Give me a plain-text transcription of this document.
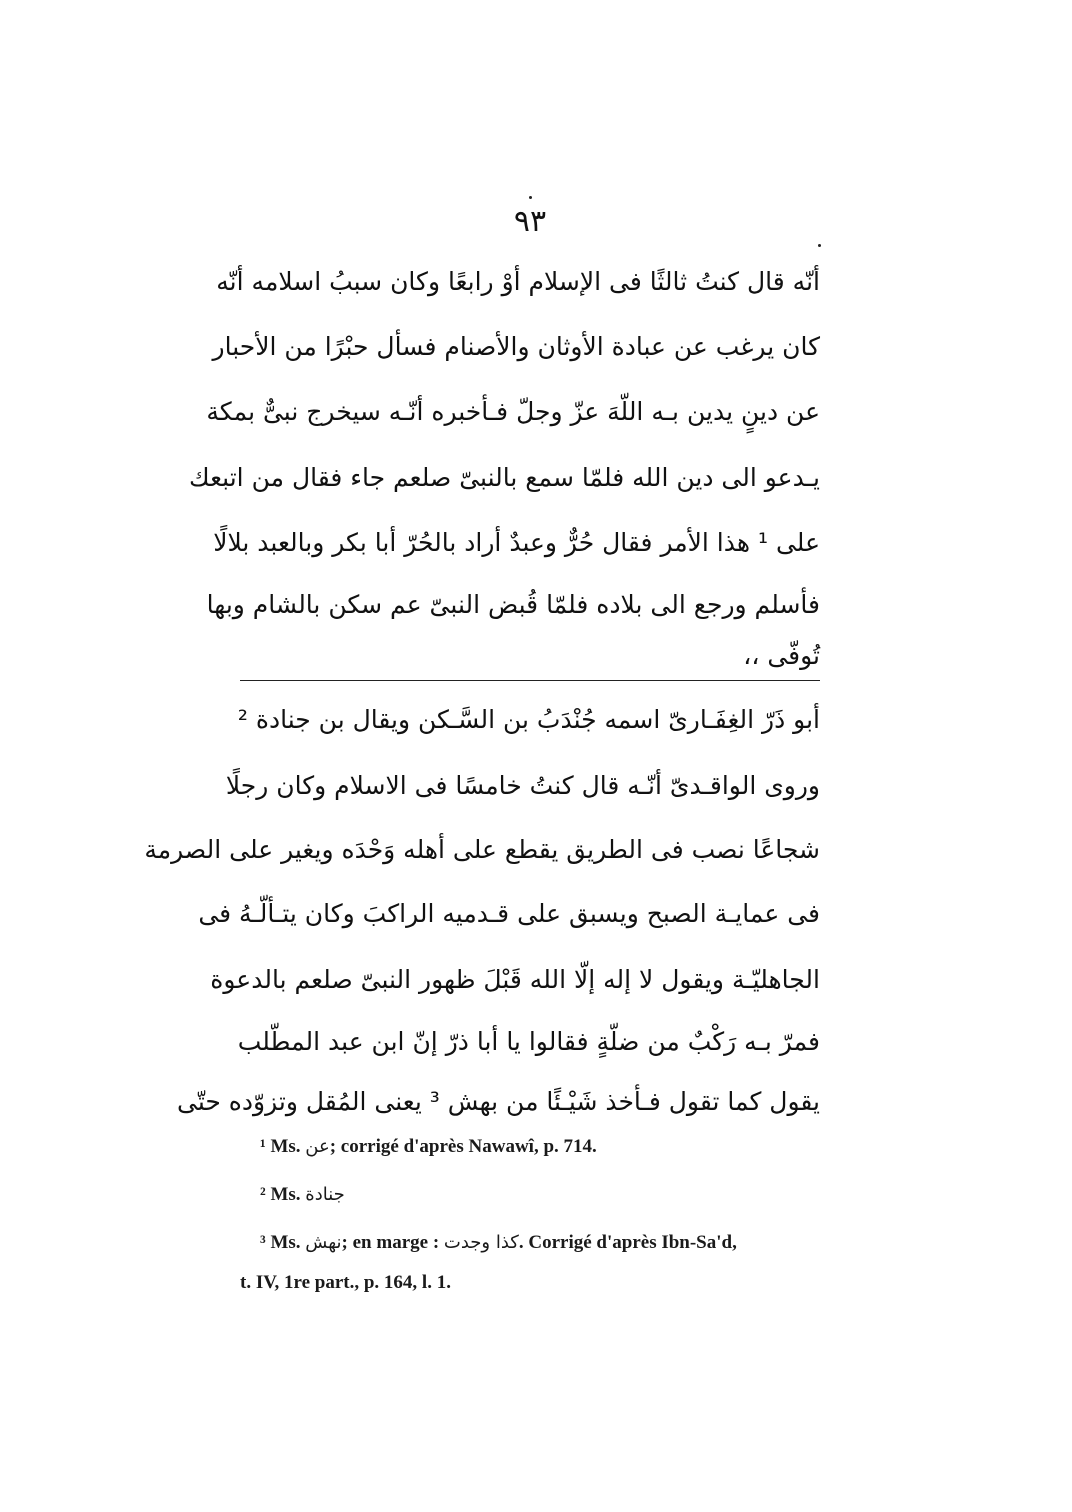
٩٣
أنّه قال كنتُ ثالثًا فى الإسلام أوْ رابعًا وكان سببُ اسلامه أنّه
كان يرغب عن عبادة الأوثان والأصنام فسأل حبْرًا من الأحبار
عن دينٍ يدين بـه اللّهَ عزّ وجلّ فـأخبره أنّـه سيخرج نبىٌّ بمكة
يـدعو الى دين الله فلمّا سمع بالنبىّ صلعم جاء فقال من اتبعك
على ¹ هذا الأمر فقال حُرٌّ وعبدٌ أراد بالحُرّ أبا بكر وبالعبد بلالًا
فأسلم ورجع الى بلاده فلمّا قُبض النبىّ عم سكن بالشام وبها
تُوفّى ،،
أبو ذَرّ الغِفَـارىّ اسمه جُنْدَبُ بن السَّـكن ويقال بن جنادة ²
وروى الواقـدىّ أنّـه قال كنتُ خامسًا فى الاسلام وكان رجلًا
شجاعًا نصب فى الطريق يقطع على أهله وَحْدَه ويغير على الصرمة
فى عمايـة الصبح ويسبق على قـدميه الراكبَ وكان يتـألّـهُ فى
الجاهليّـة ويقول لا إله إلّا الله قَبْلَ ظهور النبىّ صلعم بالدعوة
فمرّ بـه رَكْبٌ من ضلّةٍ فقالوا يا أبا ذرّ إنّ ابن عبد المطّلب
يقول كما تقول فـأخذ شَيْـئًا من بهش ³ يعنى المُقل وتزوّده حتّى
¹ Ms. عن; corrigé d'après Nawawî, p. 714.
² Ms. جنادة
³ Ms. نهش; en marge : كذا وجدت. Corrigé d'après Ibn-Sa'd,
t. IV, 1re part., p. 164, l. 1.
